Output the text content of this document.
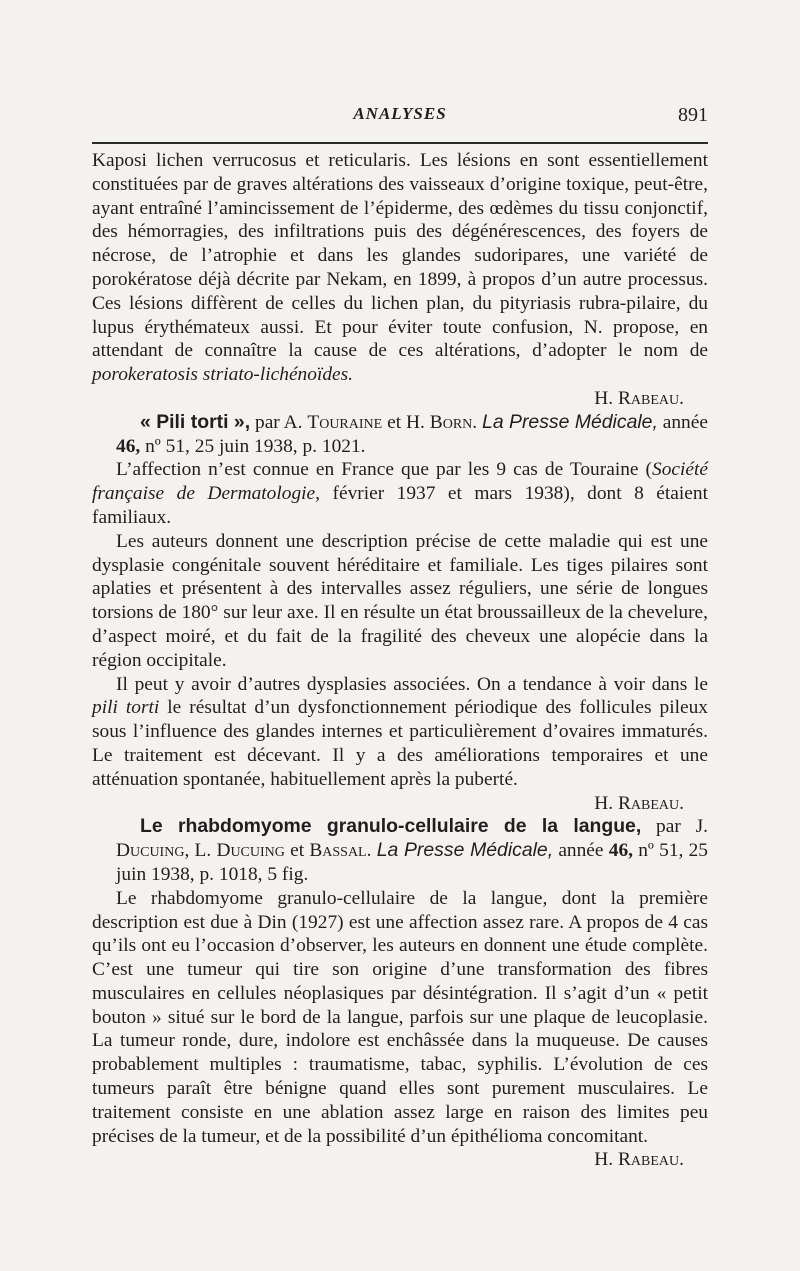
ANALYSES	891

Kaposi lichen verrucosus et reticularis. Les lésions en sont essentiellement constituées par de graves altérations des vaisseaux d’origine toxique, peut-être, ayant entraîné l’amincissement de l’épiderme, des œdèmes du tissu conjonctif, des hémorragies, des infiltrations puis des dégénérescences, des foyers de nécrose, de l’atrophie et dans les glandes sudoripares, une variété de porokératose déjà décrite par Nekam, en 1899, à propos d’un autre processus. Ces lésions diffèrent de celles du lichen plan, du pityriasis rubra-pilaire, du lupus érythémateux aussi. Et pour éviter toute confusion, N. propose, en attendant de connaître la cause de ces altérations, d’adopter le nom de porokeratosis striato-lichénoïdes.

H. Rabeau.

« Pili torti », par A. Touraine et H. Born. La Presse Médicale, année 46, nº 51, 25 juin 1938, p. 1021.

L’affection n’est connue en France que par les 9 cas de Touraine (Société française de Dermatologie, février 1937 et mars 1938), dont 8 étaient familiaux.

Les auteurs donnent une description précise de cette maladie qui est une dysplasie congénitale souvent héréditaire et familiale. Les tiges pilaires sont aplaties et présentent à des intervalles assez réguliers, une série de longues torsions de 180° sur leur axe. Il en résulte un état broussailleux de la chevelure, d’aspect moiré, et du fait de la fragilité des cheveux une alopécie dans la région occipitale.

Il peut y avoir d’autres dysplasies associées. On a tendance à voir dans le pili torti le résultat d’un dysfonctionnement périodique des follicules pileux sous l’influence des glandes internes et particulièrement d’ovaires immaturés. Le traitement est décevant. Il y a des améliorations temporaires et une atténuation spontanée, habituellement après la puberté.

H. Rabeau.

Le rhabdomyome granulo-cellulaire de la langue, par J. Ducuing, L. Ducuing et Bassal. La Presse Médicale, année 46, nº 51, 25 juin 1938, p. 1018, 5 fig.

Le rhabdomyome granulo-cellulaire de la langue, dont la première description est due à Din (1927) est une affection assez rare. A propos de 4 cas qu’ils ont eu l’occasion d’observer, les auteurs en donnent une étude complète. C’est une tumeur qui tire son origine d’une transformation des fibres musculaires en cellules néoplasiques par désintégration. Il s’agit d’un « petit bouton » situé sur le bord de la langue, parfois sur une plaque de leucoplasie. La tumeur ronde, dure, indolore est enchâssée dans la muqueuse. De causes probablement multiples : traumatisme, tabac, syphilis. L’évolution de ces tumeurs paraît être bénigne quand elles sont purement musculaires. Le traitement consiste en une ablation assez large en raison des limites peu précises de la tumeur, et de la possibilité d’un épithélioma concomitant.
H. Rabeau.
